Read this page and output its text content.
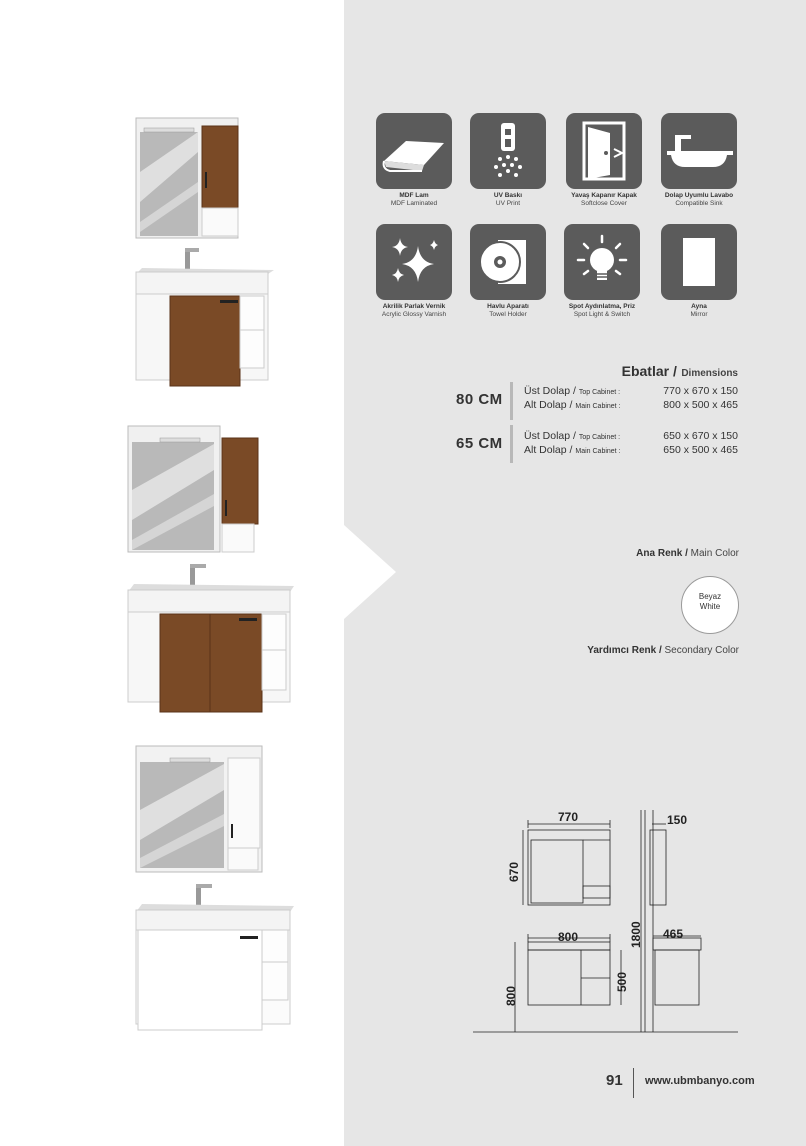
MDF Lam
MDF Laminated
UV Baskı
UV Print
Yavaş Kapanır Kapak
Softclose Cover
Dolap Uyumlu Lavabo
Compatible Sink
Akrilik Parlak Vernik
Acrylic Glossy Varnish
Havlu Aparatı
Towel Holder
Spot Aydınlatma, Priz
Spot Light & Switch
Ayna
Mirror
Ebatlar / Dimensions
80 CM Üst Dolap / Top Cabinet :	770 x 670 x 150
Alt Dolap / Main Cabinet :	800 x 500 x 465
65 CM Üst Dolap / Top Cabinet :	650 x 670 x 150
Alt Dolap / Main Cabinet :	650 x 500 x 465
Ana Renk / Main Color
Beyaz
White
Yardımcı Renk / Secondary Color
770	150
800	465
670
500
800
1800
91 www.ubmbanyo.com
